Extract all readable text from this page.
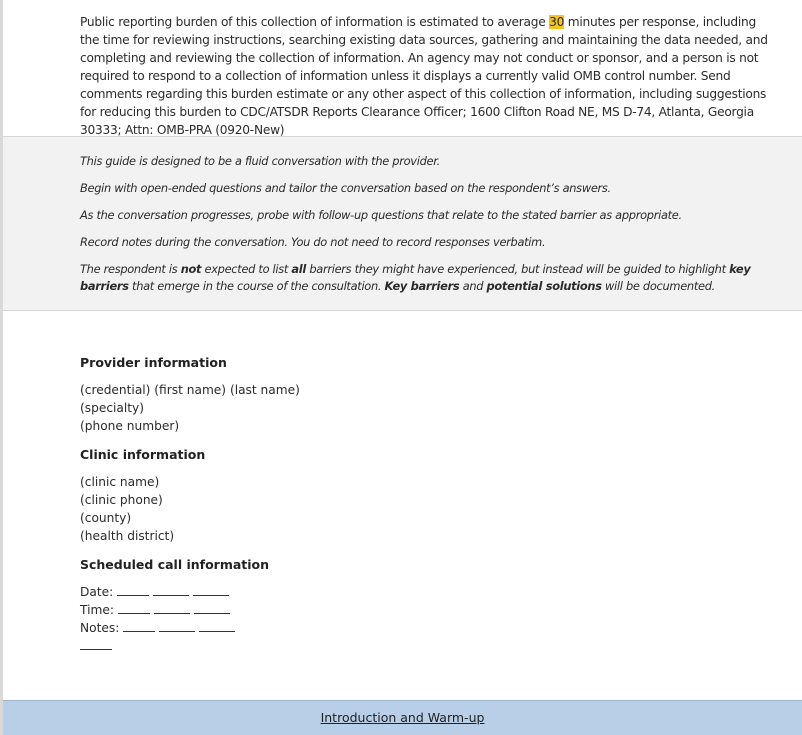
Public reporting burden of this collection of information is estimated to average 30 minutes per response, including the time for reviewing instructions, searching existing data sources, gathering and maintaining the data needed, and completing and reviewing the collection of information. An agency may not conduct or sponsor, and a person is not required to respond to a collection of information unless it displays a currently valid OMB control number. Send comments regarding this burden estimate or any other aspect of this collection of information, including suggestions for reducing this burden to CDC/ATSDR Reports Clearance Officer; 1600 Clifton Road NE, MS D-74, Atlanta, Georgia 30333; Attn: OMB-PRA (0920-New)
This guide is designed to be a fluid conversation with the provider.
Begin with open-ended questions and tailor the conversation based on the respondent’s answers.
As the conversation progresses, probe with follow-up questions that relate to the stated barrier as appropriate.
Record notes during the conversation. You do not need to record responses verbatim.
The respondent is not expected to list all barriers they might have experienced, but instead will be guided to highlight key barriers that emerge in the course of the consultation. Key barriers and potential solutions will be documented.
Provider information
(credential) (first name) (last name)
(specialty)
(phone number)
Clinic information
(clinic name)
(clinic phone)
(county)
(health district)
Scheduled call information
Date:
Time:
Notes:
Introduction and Warm-up
